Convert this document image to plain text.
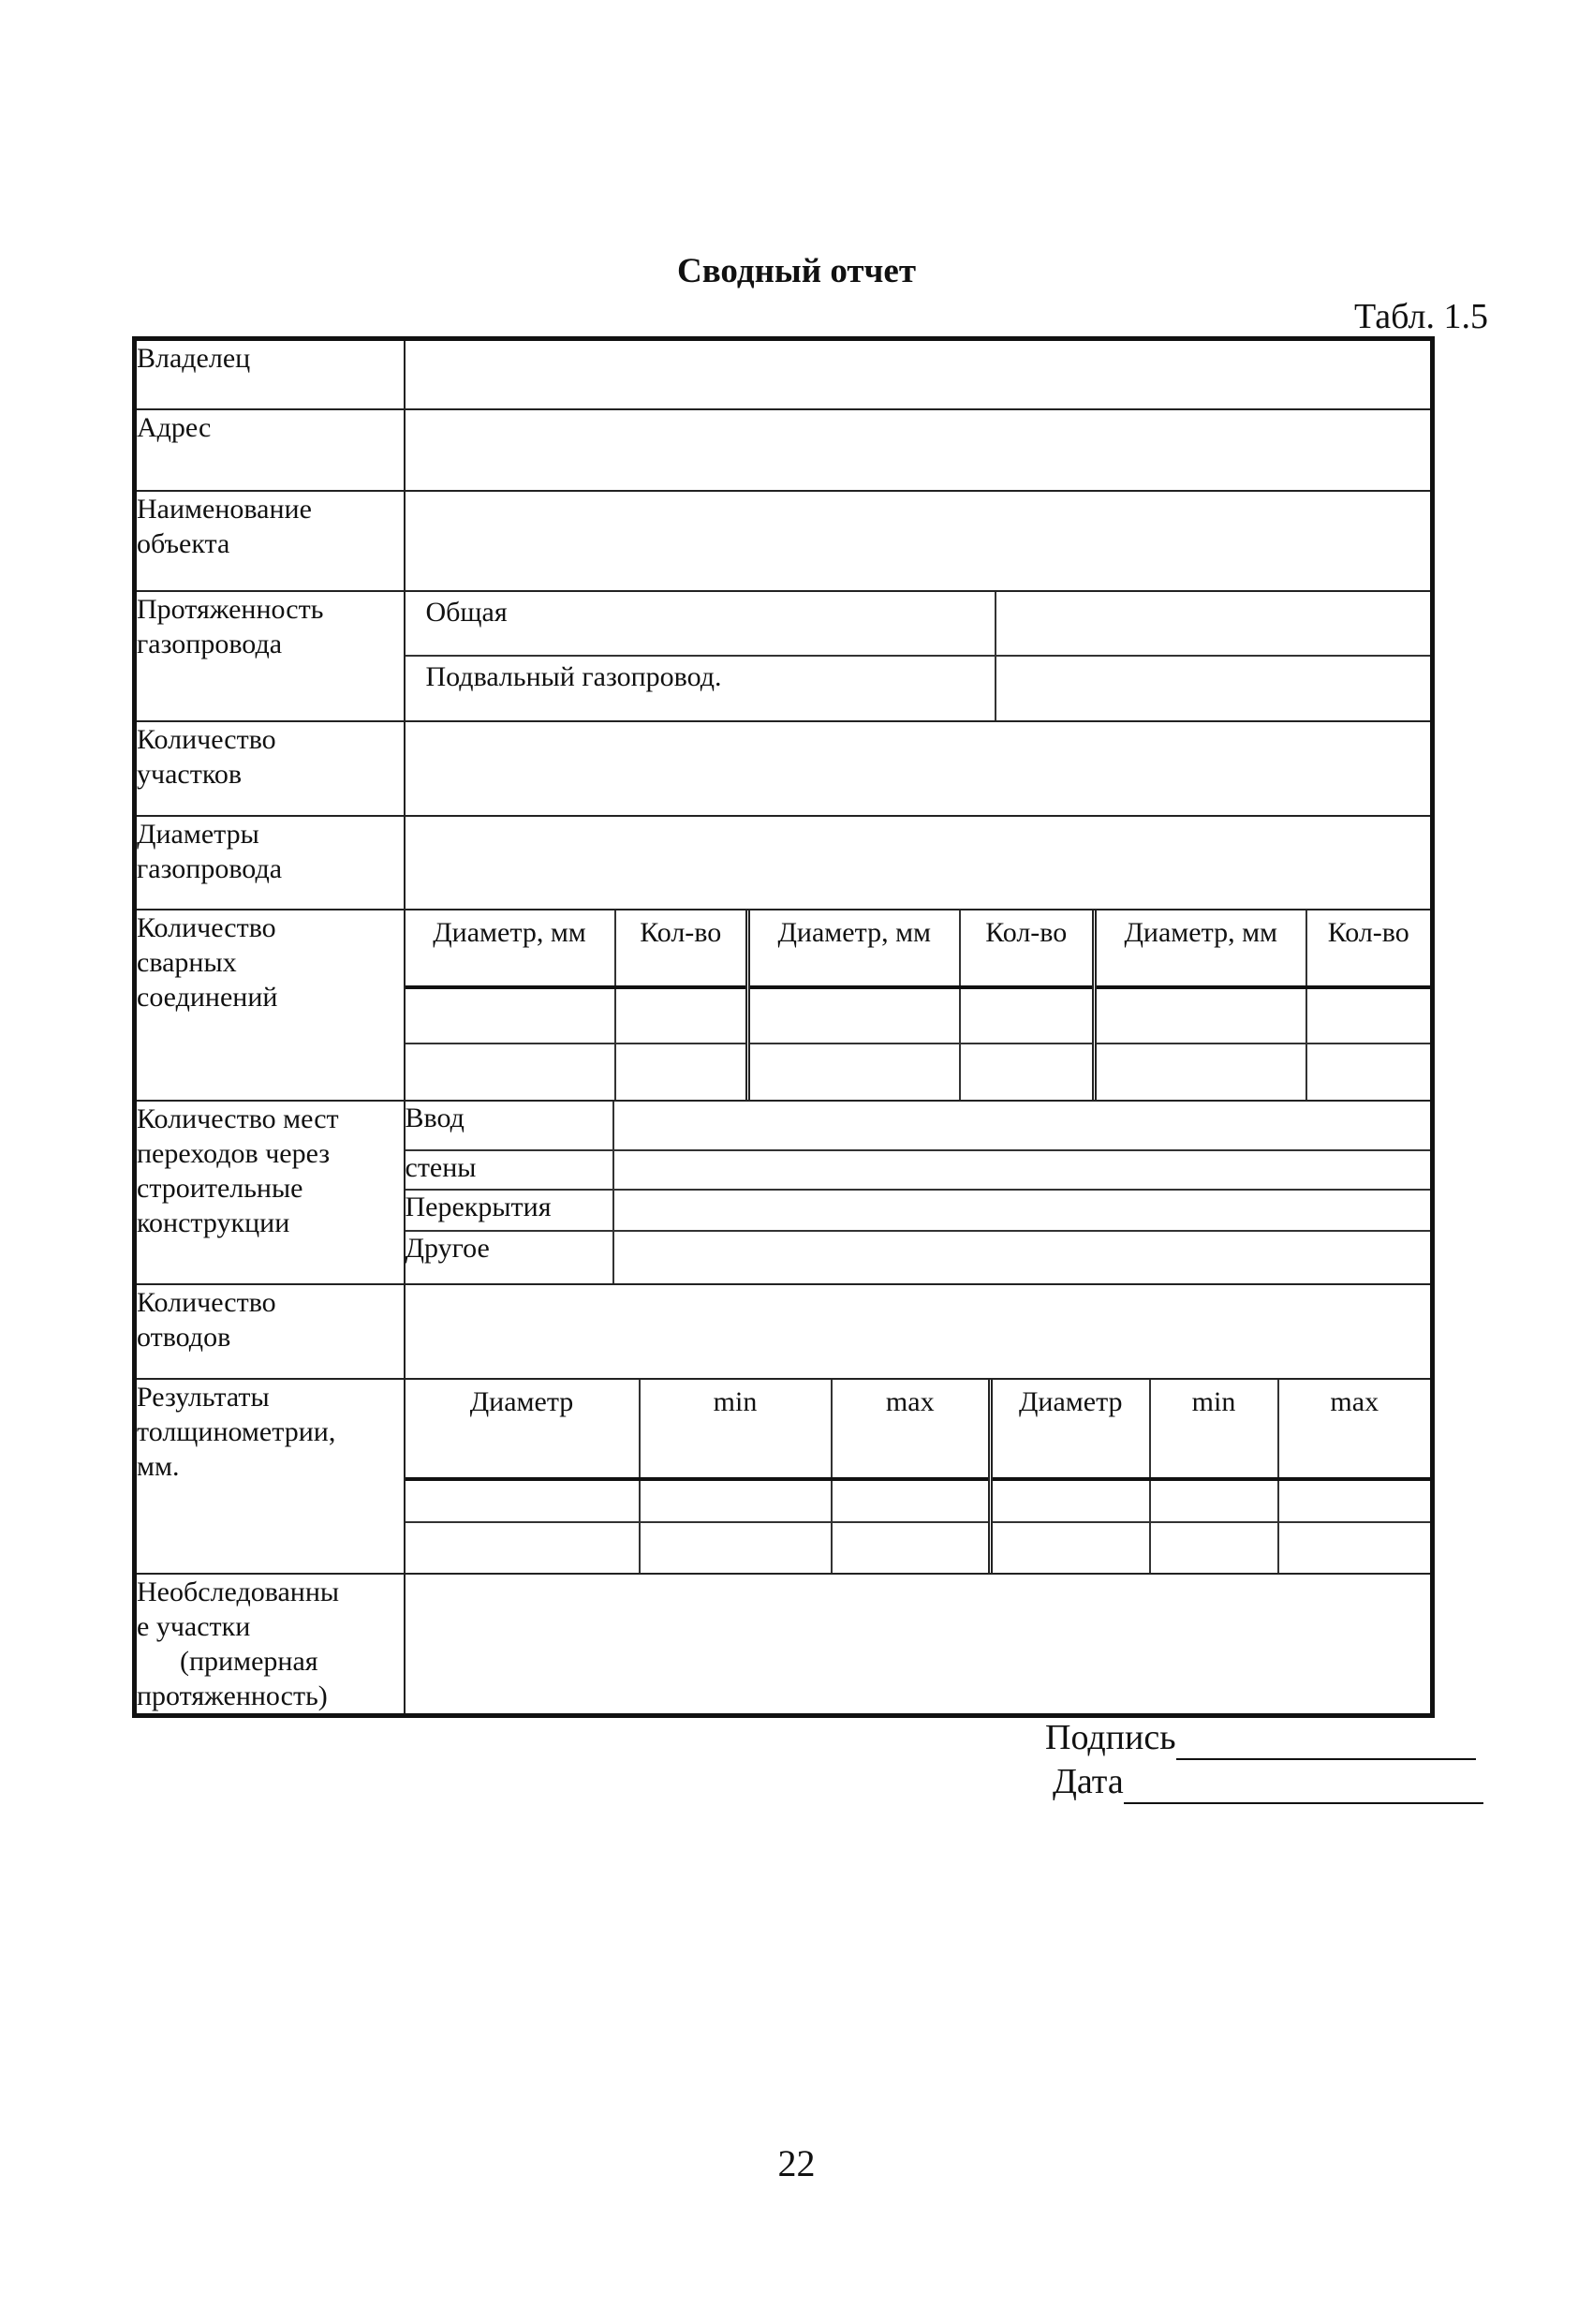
Сводный отчет
Табл. 1.5
Владелец	
Адрес	
Наименование
объекта	
Протяженность
газопровода	
Общая	
Подвальный газопровод.	

Количество
участков	
Диаметры
газопровода	
Количество
сварных
соединений	
Диаметр, мм	Кол-во	Диаметр, мм	Кол-во	Диаметр, мм	Кол-во

Количество мест
переходов через
строительные
конструкции	
Ввод	
стены	
Перекрытия	
Другое	

Количество
отводов	
Результаты
толщинометрии,
мм.	
Диаметр	min	max	Диаметр	min	max

Необследованны
е участки
(примерная
протяженность)

Подпись
Дата
22
